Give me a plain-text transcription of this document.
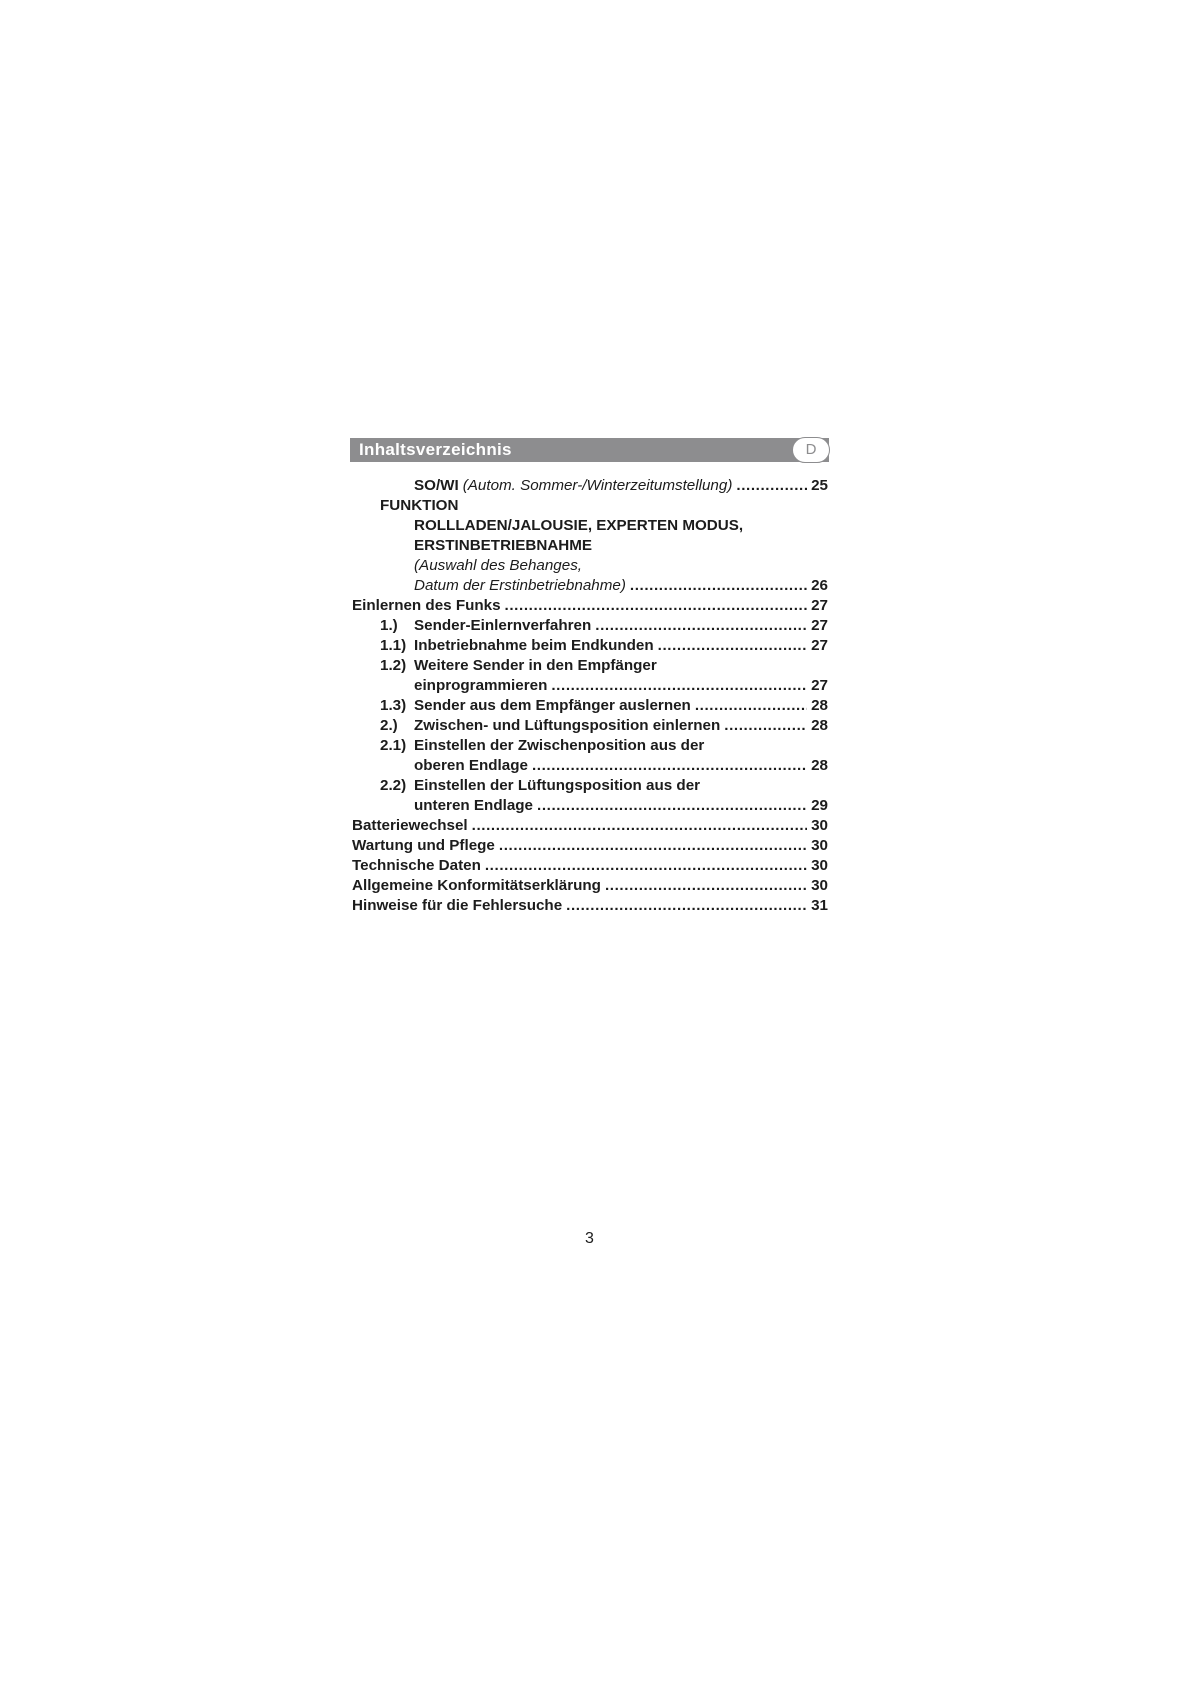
Inhaltsverzeichnis	D
SO/WI (Autom. Sommer-/Winterzeitumstellung) .....	25
FUNKTION
ROLLLADEN/JALOUSIE, EXPERTEN MODUS,
ERSTINBETRIEBNAHME
(Auswahl des Behanges,
Datum der Erstinbetriebnahme) .....	26
Einlernen des Funks .....	27
1.)	Sender-Einlernverfahren .....	27
1.1) Inbetriebnahme beim Endkunden .....	27
1.2) Weitere Sender in den Empfänger
einprogrammieren .....	27
1.3) Sender aus dem Empfänger auslernen .....	28
2.)	Zwischen- und Lüftungsposition einlernen .....	28
2.1) Einstellen der Zwischenposition aus der
oberen Endlage .....	28
2.2) Einstellen der Lüftungsposition aus der
unteren Endlage .....	29
Batteriewechsel .....	30
Wartung und Pflege .....	30
Technische Daten .....	30
Allgemeine Konformitätserklärung .....	30
Hinweise für die Fehlersuche .....	31
3
